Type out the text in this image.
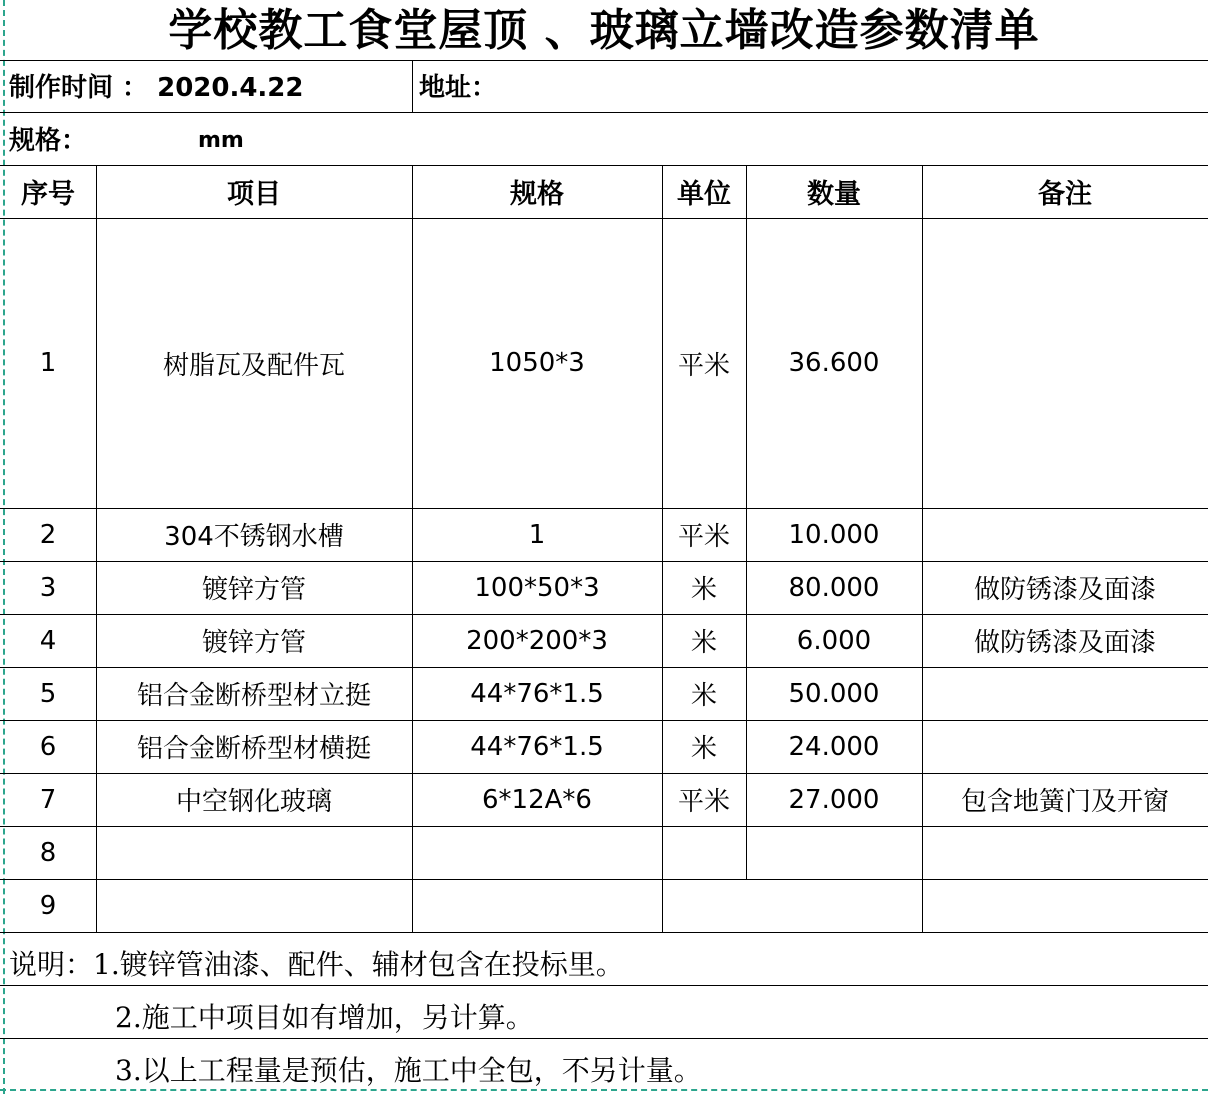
学校教工食堂屋顶 、玻璃立墙改造参数清单
制作时间 ： 2020.4.22	地址：
规格：	mm
序号	项目	规格	单位	数量	备注
1	树脂瓦及配件瓦	1050*3	平米	36.600
2	304不锈钢水槽	1	平米	10.000
3	镀锌方管	100*50*3	米	80.000	做防锈漆及面漆
4	镀锌方管	200*200*3	米	6.000	做防锈漆及面漆
5	铝合金断桥型材立挺	44*76*1.5	米	50.000
6	铝合金断桥型材横挺	44*76*1.5	米	24.000
7	中空钢化玻璃	6*12A*6	平米	27.000	包含地簧门及开窗
8
9
说明：1.镀锌管油漆、配件、辅材包含在投标里。
2.施工中项目如有增加，另计算。
3.以上工程量是预估，施工中全包，不另计量。
